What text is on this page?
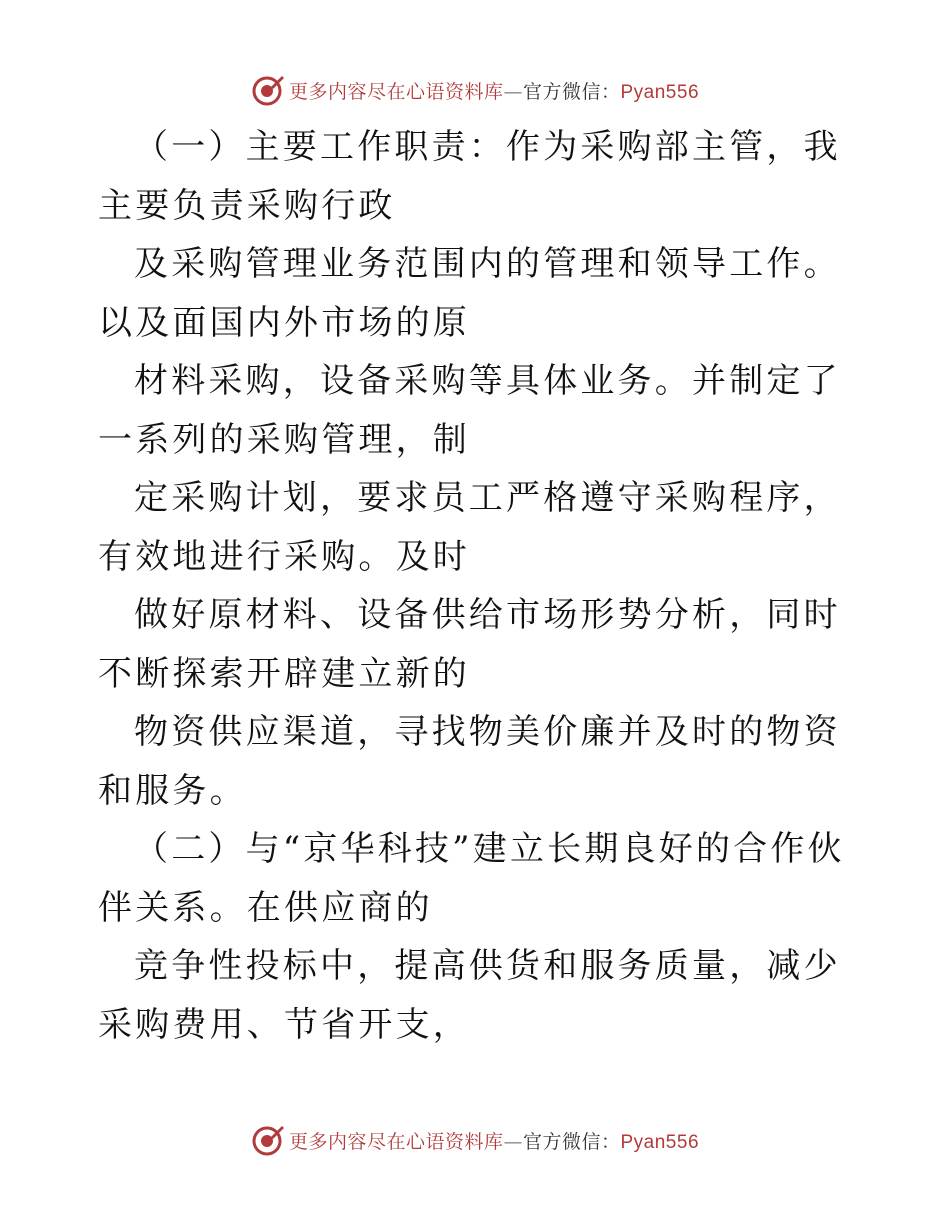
更多内容尽在心语资料库—官方微信：Pyan556

（一）主要工作职责：作为采购部主管，我主要负责采购行政

及采购管理业务范围内的管理和领导工作。以及面国内外市场的原

材料采购，设备采购等具体业务。并制定了一系列的采购管理，制

定采购计划，要求员工严格遵守采购程序，有效地进行采购。及时

做好原材料、设备供给市场形势分析，同时不断探索开辟建立新的

物资供应渠道，寻找物美价廉并及时的物资和服务。

（二）与“京华科技”建立长期良好的合作伙伴关系。在供应商的

竞争性投标中，提高供货和服务质量，减少采购费用、节省开支，

更多内容尽在心语资料库—官方微信：Pyan556
